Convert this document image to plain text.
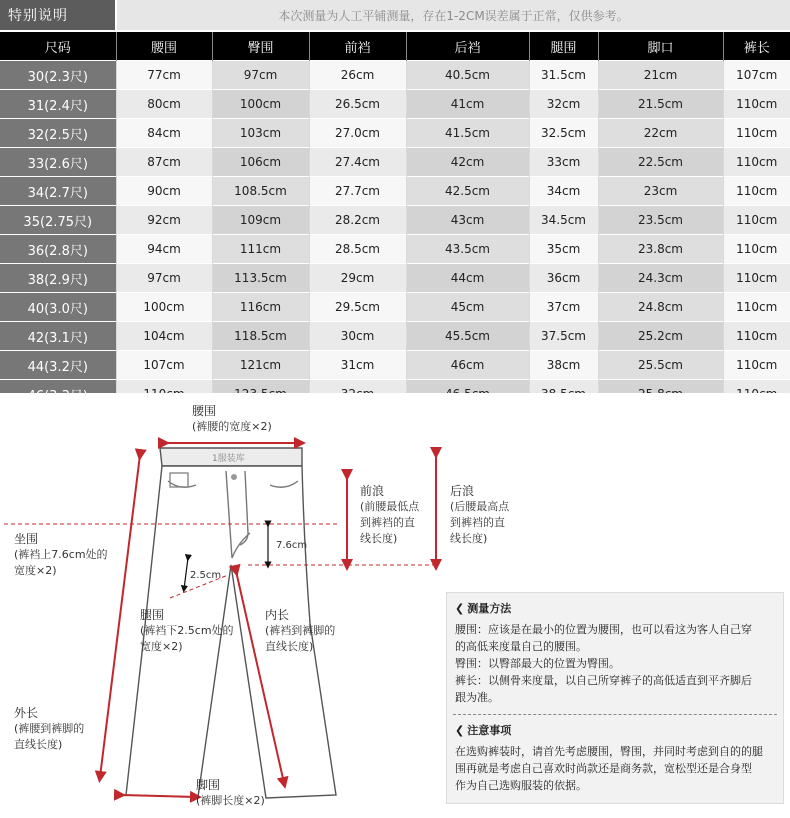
特别说明	本次测量为人工平铺测量，存在1-2CM误差属于正常，仅供参考。						
尺码	腰围	臀围	前裆	后裆	腿围	脚口	裤长
30(2.3尺)	77cm	97cm	26cm	40.5cm	31.5cm	21cm	107cm
31(2.4尺)	80cm	100cm	26.5cm	41cm	32cm	21.5cm	110cm
32(2.5尺)	84cm	103cm	27.0cm	41.5cm	32.5cm	22cm	110cm
33(2.6尺)	87cm	106cm	27.4cm	42cm	33cm	22.5cm	110cm
34(2.7尺)	90cm	108.5cm	27.7cm	42.5cm	34cm	23cm	110cm
35(2.75尺)	92cm	109cm	28.2cm	43cm	34.5cm	23.5cm	110cm
36(2.8尺)	94cm	111cm	28.5cm	43.5cm	35cm	23.8cm	110cm
38(2.9尺)	97cm	113.5cm	29cm	44cm	36cm	24.3cm	110cm
40(3.0尺)	100cm	116cm	29.5cm	45cm	37cm	24.8cm	110cm
42(3.1尺)	104cm	118.5cm	30cm	45.5cm	37.5cm	25.2cm	110cm
44(3.2尺)	107cm	121cm	31cm	46cm	38cm	25.5cm	110cm

1服装库
腰围
(裤腰的宽度×2)
坐围
(裤裆上7.6cm处的
宽度×2)
前浪
(前腰最低点
到裤裆的直
线长度)
后浪
(后腰最高点
到裤裆的直
线长度)
7.6cm
2.5cm
腿围
(裤裆下2.5cm处的
宽度×2)
内长
(裤裆到裤脚的
直线长度)
外长
(裤腰到裤脚的
直线长度)
脚围
(裤脚长度×2)
❮ 测量方法
腰围：应该是在最小的位置为腰围，也可以看这为客人自己穿
的高低来度量自己的腰围。
臀围：以臀部最大的位置为臀围。
裤长：以侧骨来度量，以自己所穿裤子的高低适直到平齐脚后
跟为准。
❮ 注意事项
在选购裤装时，请首先考虑腰围，臀围，并同时考虑到自的的腿
围再就是考虑自己喜欢时尚款还是商务款，宽松型还是合身型
作为自己选购服装的依据。
